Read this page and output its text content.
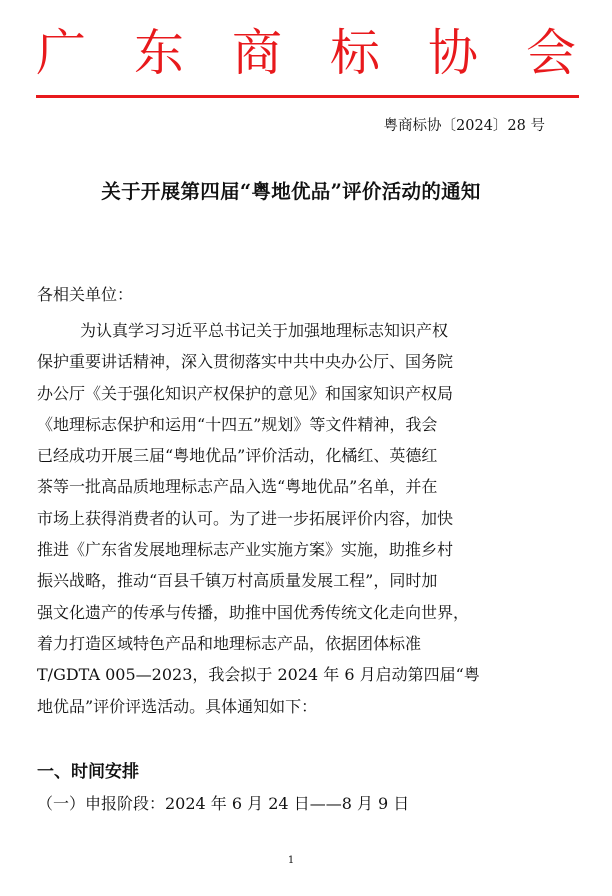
广 东 商 标 协 会
粤商标协〔2024〕28 号
关于开展第四届“粤地优品”评价活动的通知
各相关单位：
为认真学习习近平总书记关于加强地理标志知识产权
保护重要讲话精神，深入贯彻落实中共中央办公厅、国务院
办公厅《关于强化知识产权保护的意见》和国家知识产权局
《地理标志保护和运用“十四五”规划》等文件精神，我会
已经成功开展三届“粤地优品”评价活动，化橘红、英德红
茶等一批高品质地理标志产品入选“粤地优品”名单，并在
市场上获得消费者的认可。为了进一步拓展评价内容，加快
推进《广东省发展地理标志产业实施方案》实施，助推乡村
振兴战略，推动“百县千镇万村高质量发展工程”，同时加
强文化遗产的传承与传播，助推中国优秀传统文化走向世界，
着力打造区域特色产品和地理标志产品，依据团体标准
T/GDTA 005—2023，我会拟于 2024 年 6 月启动第四届“粤
地优品”评价评选活动。具体通知如下：
一、时间安排
（一）申报阶段：2024 年 6 月 24 日——8 月 9 日
1
